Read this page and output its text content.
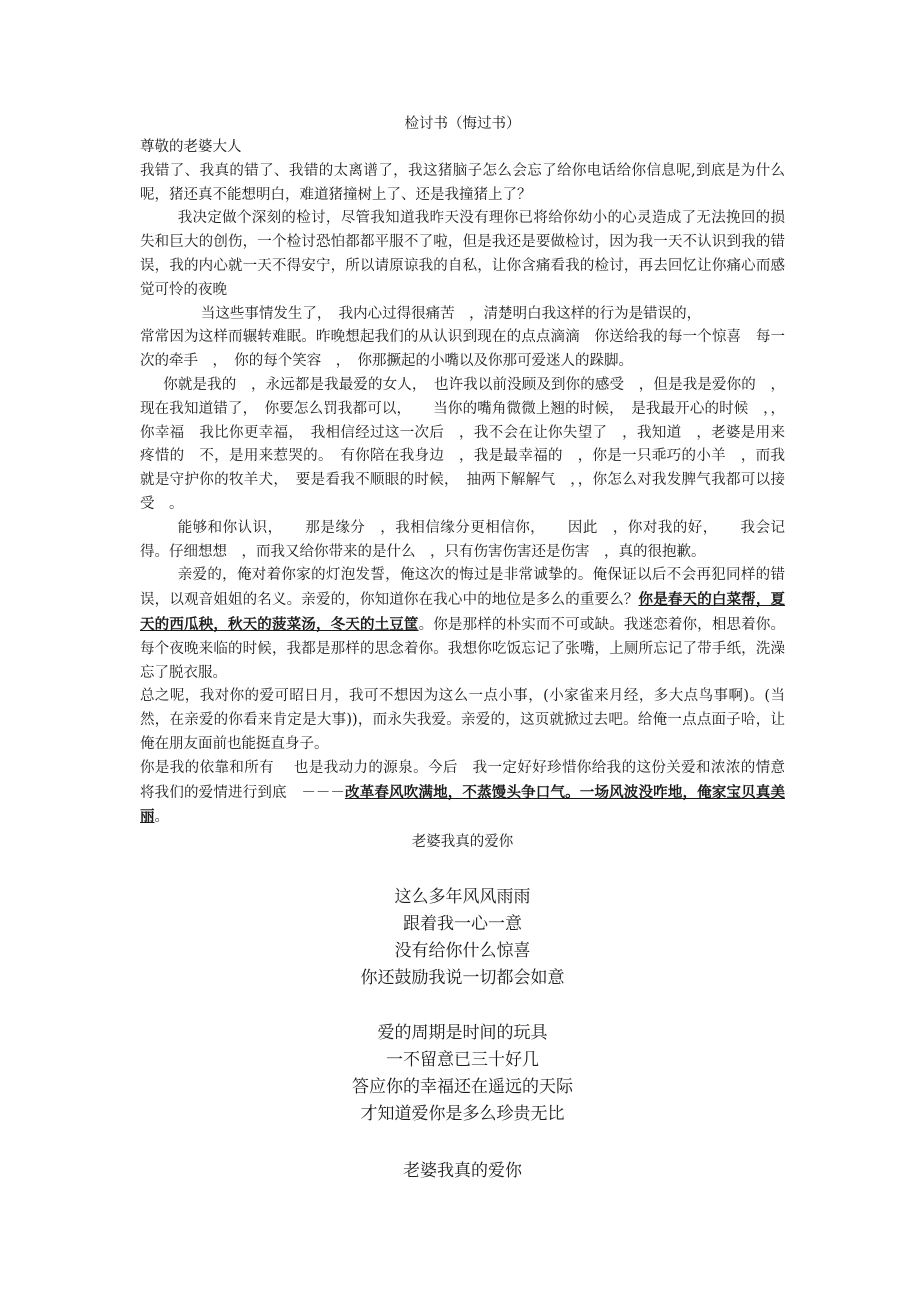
检讨书（悔过书）

尊敬的老婆大人

我错了、我真的错了、我错的太离谱了，我这猪脑子怎么会忘了给你电话给你信息呢,到底是为什么呢，猪还真不能想明白，难道猪撞树上了、还是我撞猪上了？

我决定做个深刻的检讨，尽管我知道我昨天没有理你已将给你幼小的心灵造成了无法挽回的损失和巨大的创伤，一个检讨恐怕都都平服不了啦，但是我还是要做检讨，因为我一天不认识到我的错误，我的内心就一天不得安宁，所以请原谅我的自私，让你含痛看我的检讨，再去回忆让你痛心而感觉可怜的夜晚

当这些事情发生了，　我内心过得很痛苦　，清楚明白我这样的行为是错误的，

常常因为这样而辗转难眠。昨晚想起我们的从认识到现在的点点滴滴　你送给我的每一个惊喜　每一次的牵手　，　你的每个笑容　，　你那撅起的小嘴以及你那可爱迷人的跺脚。

你就是我的　，永远都是我最爱的女人，　也许我以前没顾及到你的感受　，但是我是爱你的　，现在我知道错了，　你要怎么罚我都可以，　　当你的嘴角微微上翘的时候，　是我最开心的时候　，，你幸福　我比你更幸福，　我相信经过这一次后　，我不会在让你失望了　，我知道　，老婆是用来疼惜的　不，是用来惹哭的。　有你陪在我身边　，我是最幸福的　，你是一只乖巧的小羊　，而我就是守护你的牧羊犬，　要是看我不顺眼的时候，　抽两下解解气　，，你怎么对我发脾气我都可以接受　。

能够和你认识，　　那是缘分　，我相信缘分更相信你，　　因此　，你对我的好，　　我会记得。仔细想想　，而我又给你带来的是什么　，只有伤害伤害还是伤害　，真的很抱歉。

亲爱的，俺对着你家的灯泡发誓，俺这次的悔过是非常诚挚的。俺保证以后不会再犯同样的错误，以观音姐姐的名义。亲爱的，你知道你在我心中的地位是多么的重要么？你是春天的白菜帮，夏天的西瓜秧，秋天的菠菜汤，冬天的土豆筐。你是那样的朴实而不可或缺。我迷恋着你，相思着你。每个夜晚来临的时候，我都是那样的思念着你。我想你吃饭忘记了张嘴，上厕所忘记了带手纸，洗澡忘了脱衣服。

总之呢，我对你的爱可昭日月，我可不想因为这么一点小事，(小家雀来月经，多大点鸟事啊)。(当然，在亲爱的你看来肯定是大事))，而永失我爱。亲爱的，这页就掀过去吧。给俺一点点面子哈，让俺在朋友面前也能挺直身子。

你是我的依靠和所有　 也是我动力的源泉。今后　我一定好好珍惜你给我的这份关爱和浓浓的情意　将我们的爱情进行到底　－－－改革春风吹满地，不蒸馒头争口气。一场风波没咋地，俺家宝贝真美丽。

老婆我真的爱你

这么多年风风雨雨

跟着我一心一意

没有给你什么惊喜

你还鼓励我说一切都会如意

爱的周期是时间的玩具

一不留意已三十好几

答应你的幸福还在遥远的天际

才知道爱你是多么珍贵无比

老婆我真的爱你
